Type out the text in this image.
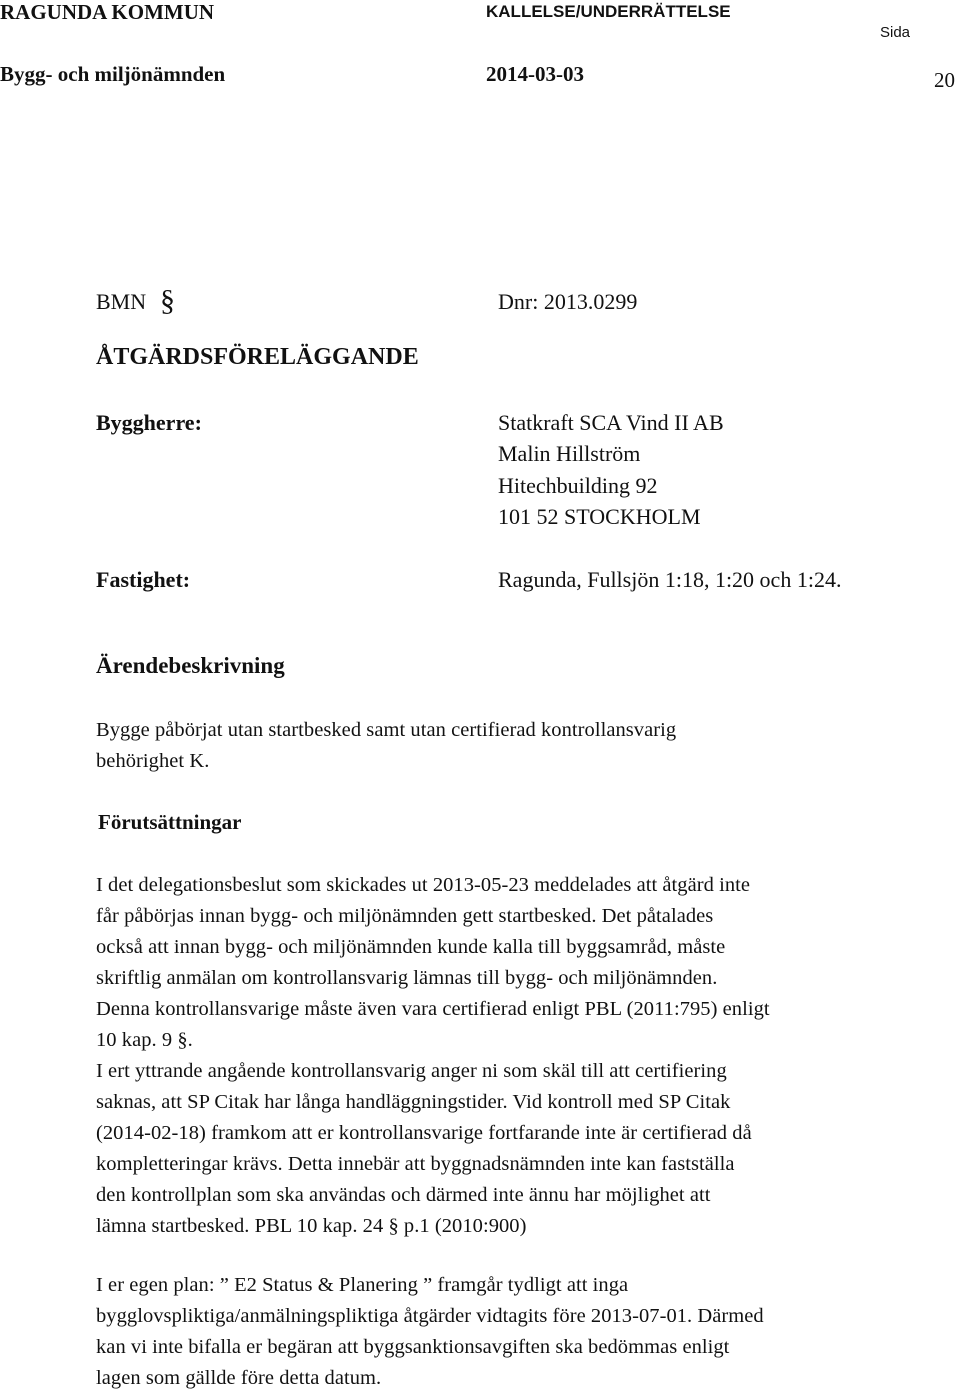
RAGUNDA KOMMUN	KALLELSE/UNDERRÄTTELSE
Sida
Bygg- och miljönämnden	2014-03-03	20
BMN §	Dnr: 2013.0299
ÅTGÄRDSFÖRELÄGGANDE
Byggherre:	Statkraft SCA Vind II AB
Malin Hillström
Hitechbuilding 92
101 52 STOCKHOLM
Fastighet:	Ragunda, Fullsjön 1:18, 1:20 och 1:24.
Ärendebeskrivning
Bygge påbörjat utan startbesked samt utan certifierad kontrollansvarig
behörighet K.
Förutsättningar
I det delegationsbeslut som skickades ut 2013-05-23 meddelades att åtgärd inte
får påbörjas innan bygg- och miljönämnden gett startbesked. Det påtalades
också att innan bygg- och miljönämnden kunde kalla till byggsamråd, måste
skriftlig anmälan om kontrollansvarig lämnas till bygg- och miljönämnden.
Denna kontrollansvarige måste även vara certifierad enligt PBL (2011:795) enligt
10 kap. 9 §.
I ert yttrande angående kontrollansvarig anger ni som skäl till att certifiering
saknas, att SP Citak har långa handläggningstider. Vid kontroll med SP Citak
(2014-02-18) framkom att er kontrollansvarige fortfarande inte är certifierad då
kompletteringar krävs. Detta innebär att byggnadsnämnden inte kan fastställa
den kontrollplan som ska användas och därmed inte ännu har möjlighet att
lämna startbesked. PBL 10 kap. 24 § p.1 (2010:900)
I er egen plan: ” E2 Status & Planering ” framgår tydligt att inga
bygglovspliktiga/anmälningspliktiga åtgärder vidtagits före 2013-07-01. Därmed
kan vi inte bifalla er begäran att byggsanktionsavgiften ska bedömmas enligt
lagen som gällde före detta datum.
